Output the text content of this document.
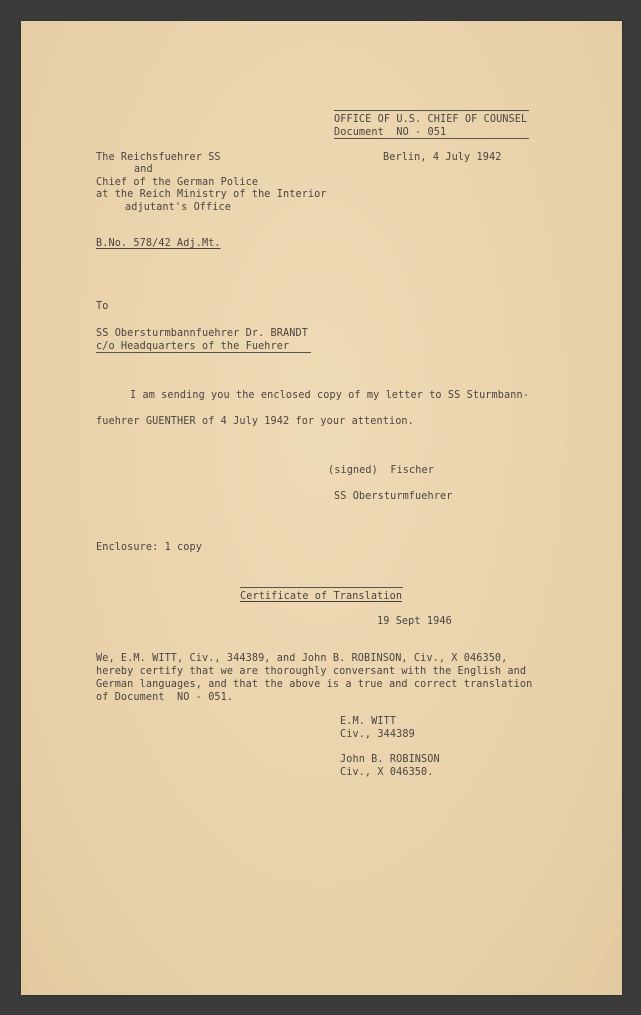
OFFICE OF U.S. CHIEF OF COUNSEL
Document  NO - 051
The Reichsfuehrer SS
and
Chief of the German Police
at the Reich Ministry of the Interior
adjutant's Office
Berlin, 4 July 1942
B.No. 578/42 Adj.Mt.
To
SS Obersturmbannfuehrer Dr. BRANDT
c/o Headquarters of the Fuehrer
I am sending you the enclosed copy of my letter to SS Sturmbann-
fuehrer GUENTHER of 4 July 1942 for your attention.
(signed)  Fischer
SS Obersturmfuehrer
Enclosure: 1 copy
Certificate of Translation
19 Sept 1946
We, E.M. WITT, Civ., 344389, and John B. ROBINSON, Civ., X 046350,
hereby certify that we are thoroughly conversant with the English and
German languages, and that the above is a true and correct translation
of Document  NO - 051.
E.M. WITT
Civ., 344389
John B. ROBINSON
Civ., X 046350.
